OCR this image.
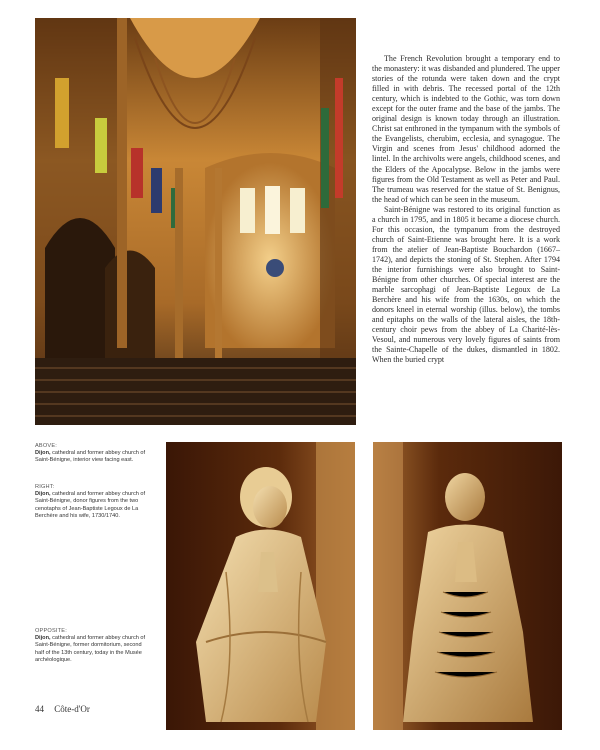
The French Revolution brought a temporary end to the monastery: it was disbanded and plundered. The upper stories of the rotunda were taken down and the crypt filled in with debris. The recessed portal of the 12th century, which is indebted to the Gothic, was torn down except for the outer frame and the base of the jambs. The original design is known today through an illustration. Christ sat enthroned in the tympanum with the symbols of the Evangelists, cherubim, ecclesia, and synagogue. The Virgin and scenes from Jesus' childhood adorned the lintel. In the archivolts were angels, childhood scenes, and the Elders of the Apocalypse. Below in the jambs were figures from the Old Testament as well as Peter and Paul. The trumeau was reserved for the statue of St. Benignus, the head of which can be seen in the museum.

Saint-Bénigne was restored to its original function as a church in 1795, and in 1805 it became a diocese church. For this occasion, the tympanum from the destroyed church of Saint-Etienne was brought here. It is a work from the atelier of Jean-Baptiste Bouchardon (1667–1742), and depicts the stoning of St. Stephen. After 1794 the interior furnishings were also brought to Saint-Bénigne from other churches. Of special interest are the marble sarcophagi of Jean-Baptiste Legoux de La Berchère and his wife from the 1630s, on which the donors kneel in eternal worship (illus. below), the tombs and epitaphs on the walls of the lateral aisles, the 18th-century choir pews from the abbey of La Charité-lès-Vesoul, and numerous very lovely figures of saints from the Sainte-Chapelle of the dukes, dismantled in 1802. When the buried crypt

ABOVE:
Dijon, cathedral and former abbey church of Saint-Bénigne, interior view facing east.
RIGHT:
Dijon, cathedral and former abbey church of Saint-Bénigne, donor figures from the two cenotaphs of Jean-Baptiste Legoux de La Berchère and his wife, 1730/1740.
OPPOSITE:
Dijon, cathedral and former abbey church of Saint-Bénigne, former dormitorium, second half of the 13th century, today in the Musée archéologique.
44 Côte-d'Or
